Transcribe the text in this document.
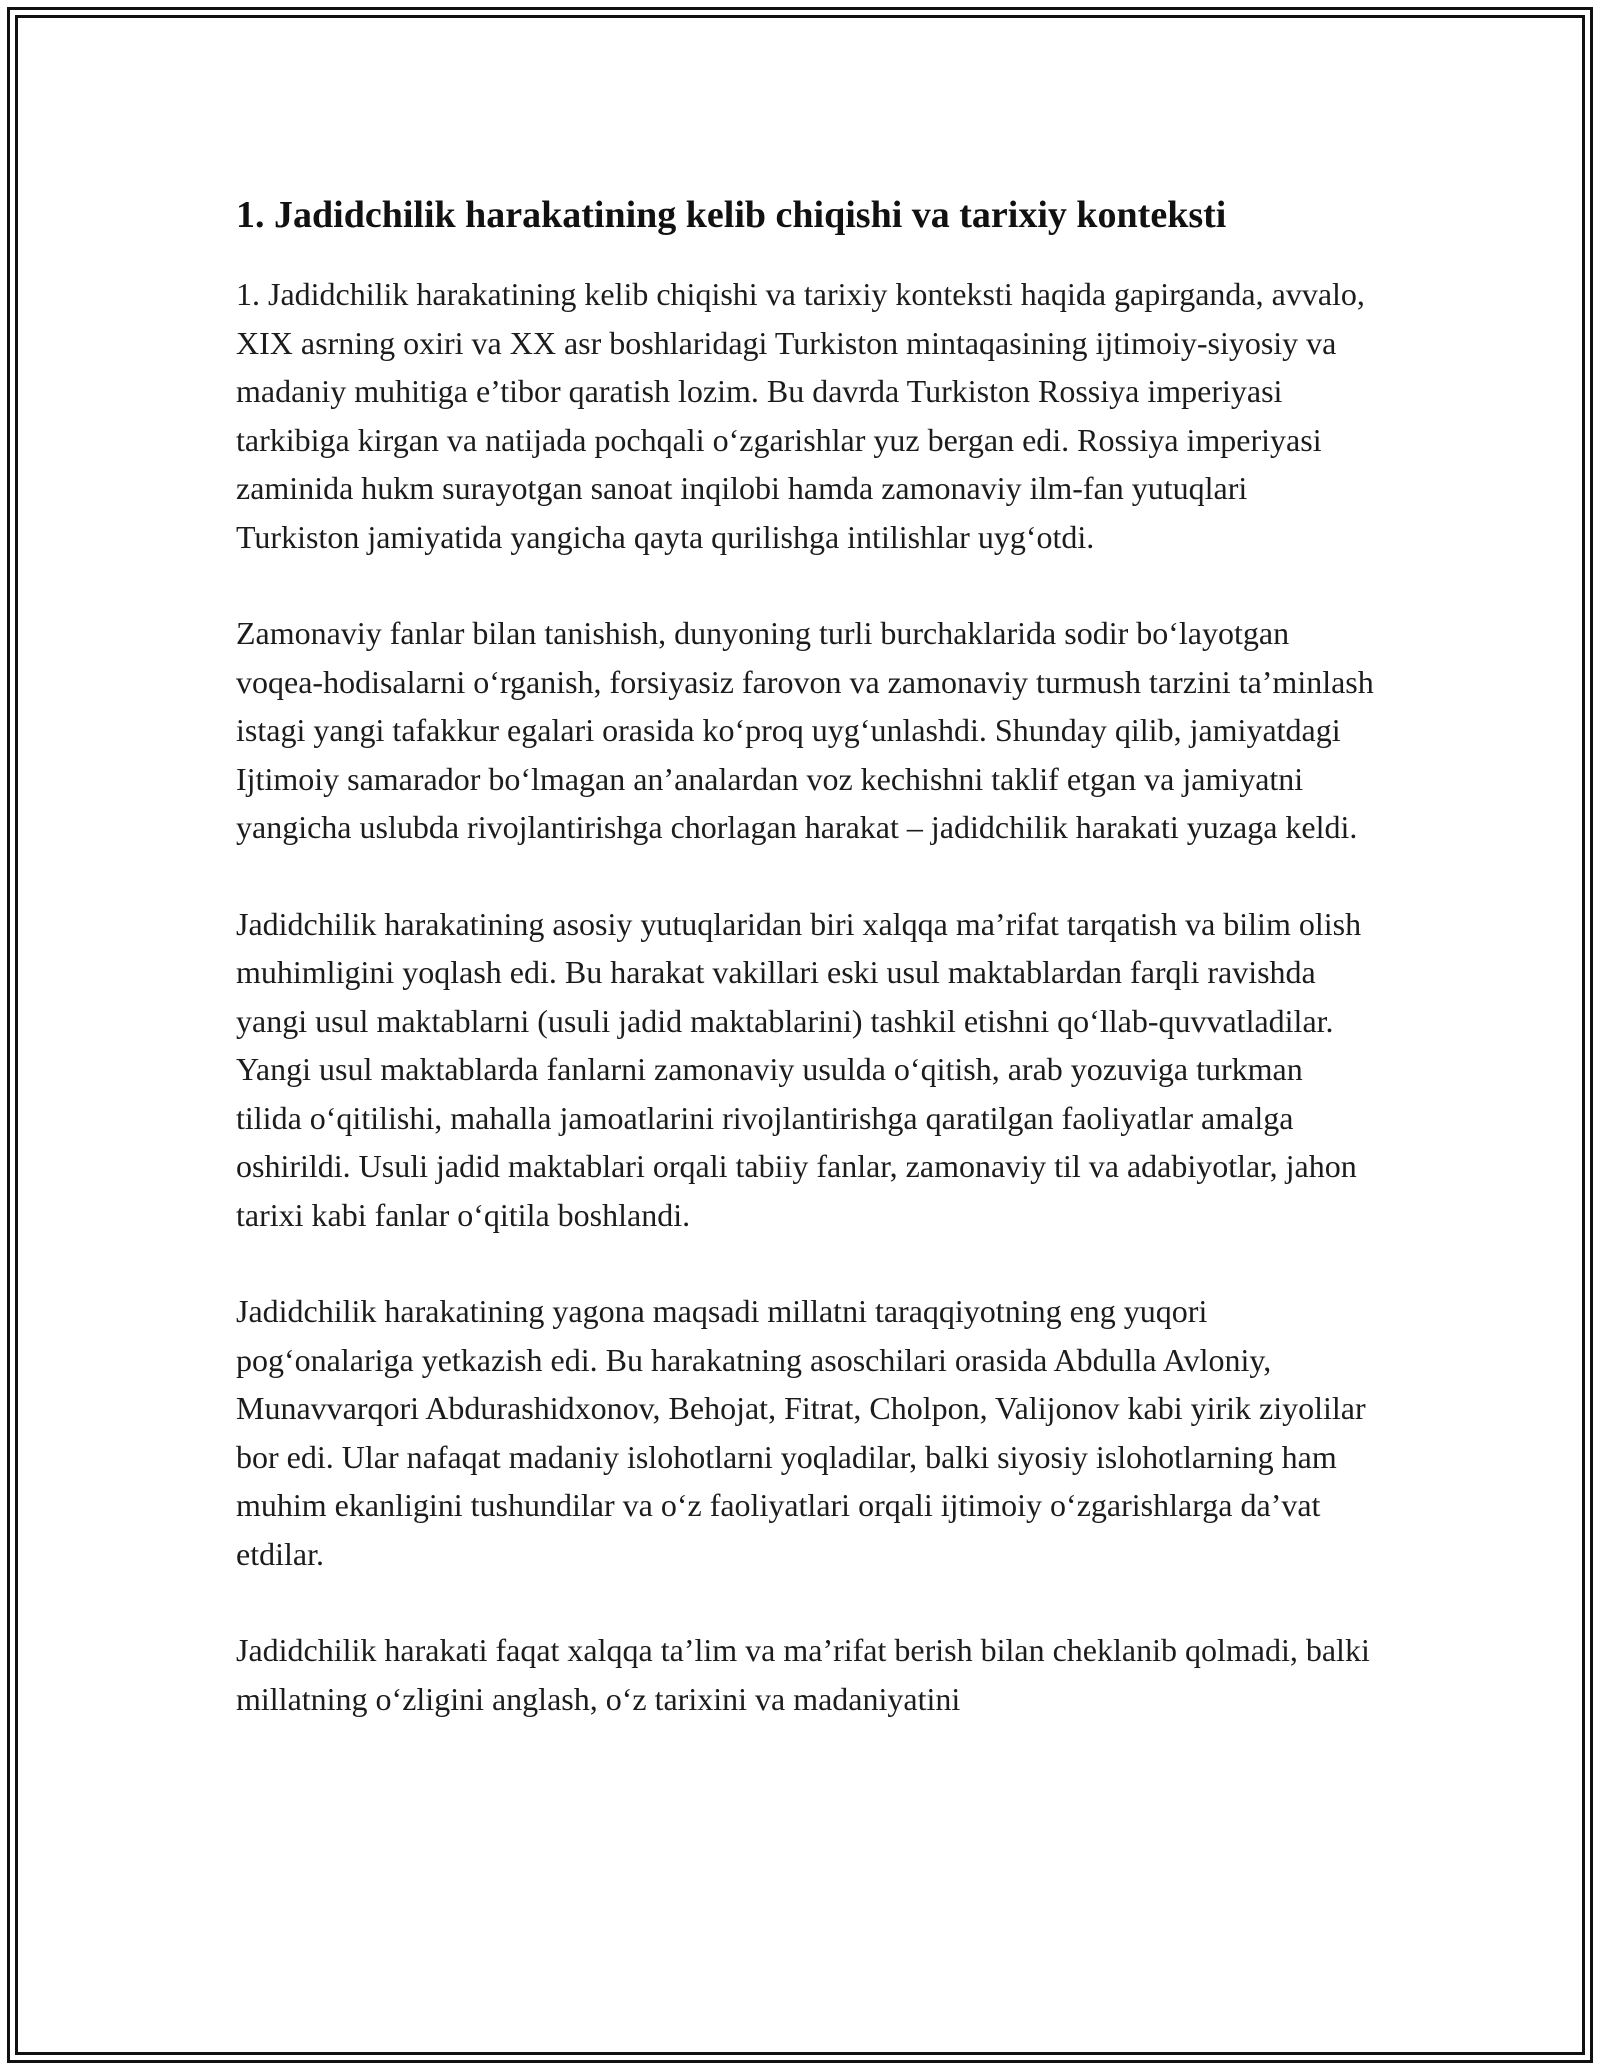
1. Jadidchilik harakatining kelib chiqishi va tarixiy konteksti

1. Jadidchilik harakatining kelib chiqishi va tarixiy konteksti haqida gapirganda, avvalo, XIX asrning oxiri va XX asr boshlaridagi Turkiston mintaqasining ijtimoiy-siyosiy va madaniy muhitiga e’tibor qaratish lozim. Bu davrda Turkiston Rossiya imperiyasi tarkibiga kirgan va natijada pochqali o‘zgarishlar yuz bergan edi. Rossiya imperiyasi zaminida hukm surayotgan sanoat inqilobi hamda zamonaviy ilm-fan yutuqlari Turkiston jamiyatida yangicha qayta qurilishga intilishlar uyg‘otdi.

Zamonaviy fanlar bilan tanishish, dunyoning turli burchaklarida sodir bo‘layotgan voqea-hodisalarni o‘rganish, forsiyasiz farovon va zamonaviy turmush tarzini ta’minlash istagi yangi tafakkur egalari orasida ko‘proq uyg‘unlashdi. Shunday qilib, jamiyatdagi Ijtimoiy samarador bo‘lmagan an’analardan voz kechishni taklif etgan va jamiyatni yangicha uslubda rivojlantirishga chorlagan harakat – jadidchilik harakati yuzaga keldi.

Jadidchilik harakatining asosiy yutuqlaridan biri xalqqa ma’rifat tarqatish va bilim olish muhimligini yoqlash edi. Bu harakat vakillari eski usul maktablardan farqli ravishda yangi usul maktablarni (usuli jadid maktablarini) tashkil etishni qo‘llab-quvvatladilar. Yangi usul maktablarda fanlarni zamonaviy usulda o‘qitish, arab yozuviga turkman tilida o‘qitilishi, mahalla jamoatlarini rivojlantirishga qaratilgan faoliyatlar amalga oshirildi. Usuli jadid maktablari orqali tabiiy fanlar, zamonaviy til va adabiyotlar, jahon tarixi kabi fanlar o‘qitila boshlandi.

Jadidchilik harakatining yagona maqsadi millatni taraqqiyotning eng yuqori pog‘onalariga yetkazish edi. Bu harakatning asoschilari orasida Abdulla Avloniy, Munavvarqori Abdurashidxonov, Behojat, Fitrat, Cholpon, Valijonov kabi yirik ziyolilar bor edi. Ular nafaqat madaniy islohotlarni yoqladilar, balki siyosiy islohotlarning ham muhim ekanligini tushundilar va o‘z faoliyatlari orqali ijtimoiy o‘zgarishlarga da’vat etdilar.

Jadidchilik harakati faqat xalqqa ta’lim va ma’rifat berish bilan cheklanib qolmadi, balki millatning o‘zligini anglash, o‘z tarixini va madaniyatini
